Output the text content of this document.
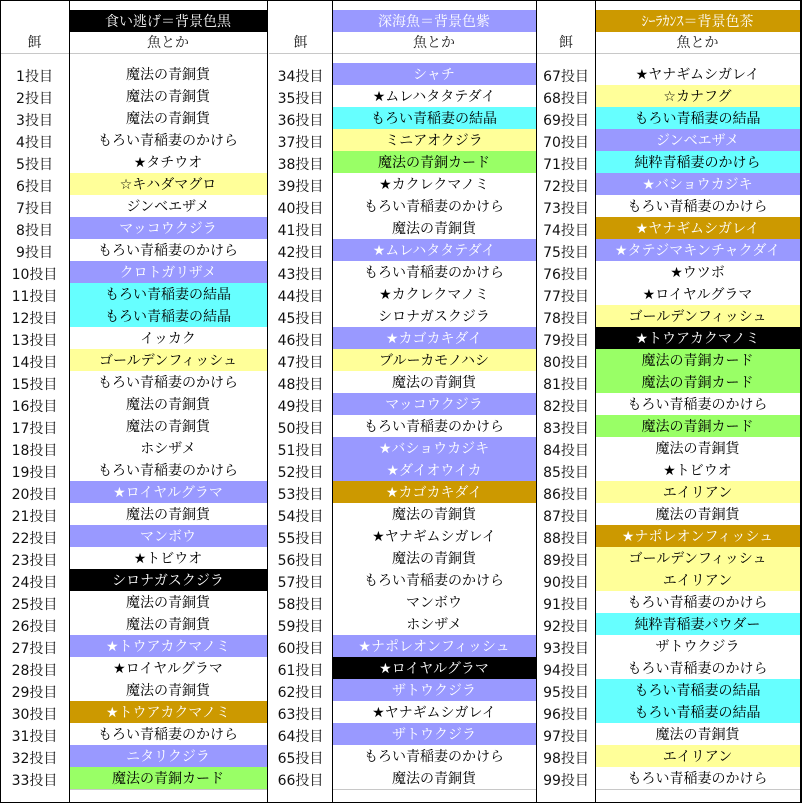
食い逃げ＝背景色黒
餌	魚とか
1投目	魔法の青銅貨
2投目	魔法の青銅貨
3投目	魔法の青銅貨
4投目	もろい青稲妻のかけら
5投目	★タチウオ
6投目	☆キハダマグロ
7投目	ジンベエザメ
8投目	マッコウクジラ
9投目	もろい青稲妻のかけら
10投目	クロトガリザメ
11投目	もろい青稲妻の結晶
12投目	もろい青稲妻の結晶
13投目	イッカク
14投目	ゴールデンフィッシュ
15投目	もろい青稲妻のかけら
16投目	魔法の青銅貨
17投目	魔法の青銅貨
18投目	ホシザメ
19投目	もろい青稲妻のかけら
20投目	★ロイヤルグラマ
21投目	魔法の青銅貨
22投目	マンボウ
23投目	★トビウオ
24投目	シロナガスクジラ
25投目	魔法の青銅貨
26投目	魔法の青銅貨
27投目	★トウアカクマノミ
28投目	★ロイヤルグラマ
29投目	魔法の青銅貨
30投目	★トウアカクマノミ
31投目	もろい青稲妻のかけら
32投目	ニタリクジラ
33投目	魔法の青銅カード
深海魚＝背景色紫
餌	魚とか
34投目	シャチ
35投目	★ムレハタタテダイ
36投目	もろい青稲妻の結晶
37投目	ミニアオクジラ
38投目	魔法の青銅カード
39投目	★カクレクマノミ
40投目	もろい青稲妻のかけら
41投目	魔法の青銅貨
42投目	★ムレハタタテダイ
43投目	もろい青稲妻のかけら
44投目	★カクレクマノミ
45投目	シロナガスクジラ
46投目	★カゴカキダイ
47投目	ブルーカモノハシ
48投目	魔法の青銅貨
49投目	マッコウクジラ
50投目	もろい青稲妻のかけら
51投目	★バショウカジキ
52投目	★ダイオウイカ
53投目	★カゴカキダイ
54投目	魔法の青銅貨
55投目	★ヤナギムシガレイ
56投目	魔法の青銅貨
57投目	もろい青稲妻のかけら
58投目	マンボウ
59投目	ホシザメ
60投目	★ナポレオンフィッシュ
61投目	★ロイヤルグラマ
62投目	ザトウクジラ
63投目	★ヤナギムシガレイ
64投目	ザトウクジラ
65投目	もろい青稲妻のかけら
66投目	魔法の青銅貨
ｼｰﾗｶﾝｽ＝背景色茶
餌	魚とか
67投目	★ヤナギムシガレイ
68投目	☆カナフグ
69投目	もろい青稲妻の結晶
70投目	ジンベエザメ
71投目	純粋青稲妻のかけら
72投目	★バショウカジキ
73投目	もろい青稲妻のかけら
74投目	★ヤナギムシガレイ
75投目	★タテジマキンチャクダイ
76投目	★ウツボ
77投目	★ロイヤルグラマ
78投目	ゴールデンフィッシュ
79投目	★トウアカクマノミ
80投目	魔法の青銅カード
81投目	魔法の青銅カード
82投目	もろい青稲妻のかけら
83投目	魔法の青銅カード
84投目	魔法の青銅貨
85投目	★トビウオ
86投目	エイリアン
87投目	魔法の青銅貨
88投目	★ナポレオンフィッシュ
89投目	ゴールデンフィッシュ
90投目	エイリアン
91投目	もろい青稲妻のかけら
92投目	純粋青稲妻パウダー
93投目	ザトウクジラ
94投目	もろい青稲妻のかけら
95投目	もろい青稲妻の結晶
96投目	もろい青稲妻の結晶
97投目	魔法の青銅貨
98投目	エイリアン
99投目	もろい青稲妻のかけら
